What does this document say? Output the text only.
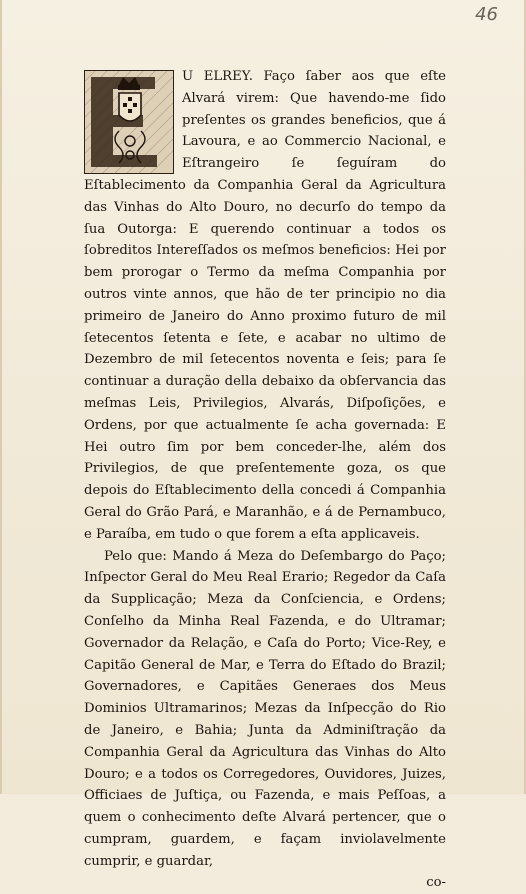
46

U ELREY. Faço ſaber aos que eſte Alvará virem: Que havendo-me ſido preſentes os grandes beneficios, que á Lavoura, e ao Commercio Nacional, e Eſtrangeiro ſe ſeguíram do Eſtablecimento da Companhia Geral da Agricultura das Vinhas do Alto Douro, no decurſo do tempo da ſua Outorga: E querendo continuar a todos os ſobreditos Intereſſados os meſmos beneficios: Hei por bem prorogar o Termo da meſma Companhia por outros vinte annos, que hão de ter principio no dia primeiro de Janeiro do Anno proximo futuro de mil ſetecentos ſetenta e ſete, e acabar no ultimo de Dezembro de mil ſetecentos noventa e ſeis; para ſe continuar a duração della debaixo da obſervancia das meſmas Leis, Privilegios, Alvarás, Diſpoſições, e Ordens, por que actualmente ſe acha governada: E Hei outro ſim por bem conceder-lhe, além dos Privilegios, de que preſentemente goza, os que depois do Eſtablecimento della concedi á Companhia Geral do Grão Pará, e Maranhão, e á de Pernambuco, e Paraíba, em tudo o que forem a eſta applicaveis.

Pelo que: Mando á Meza do Deſembargo do Paço; Inſpector Geral do Meu Real Erario; Regedor da Caſa da Supplicação; Meza da Conſciencia, e Ordens; Conſelho da Minha Real Fazenda, e do Ultramar; Governador da Relação, e Caſa do Porto; Vice-Rey, e Capitão General de Mar, e Terra do Eſtado do Brazil; Governadores, e Capitães Generaes dos Meus Dominios Ultramarinos; Mezas da Inſpecção do Rio de Janeiro, e Bahia; Junta da Adminiſtração da Companhia Geral da Agricultura das Vinhas do Alto Douro; e a todos os Corregedores, Ouvidores, Juizes, Officiaes de Juſtiça, ou Fazenda, e mais Peſſoas, a quem o conhecimento deſte Alvará pertencer, que o cumpram, guardem, e façam inviolavelmente cumprir, e guardar,

co-
